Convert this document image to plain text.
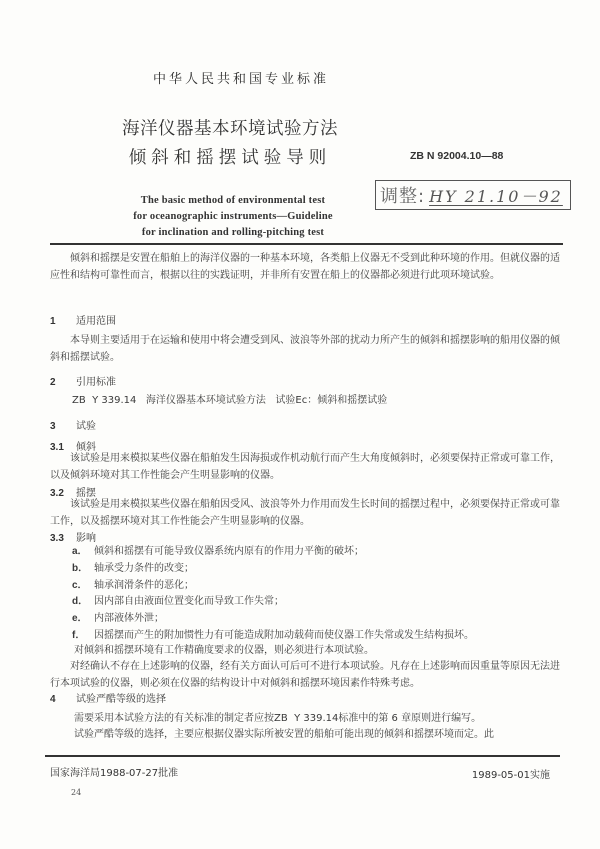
中华人民共和国专业标准
海洋仪器基本环境试验方法
倾斜和摇摆试验导则
The basic method of environmental test
for oceanographic instruments—Guideline
for inclination and rolling-pitching test
ZB N 92004.10—88
调整: HY 21.10－92
倾斜和摇摆是安置在船舶上的海洋仪器的一种基本环境，各类船上仪器无不受到此种环境的作用。但就仪器的适应性和结构可靠性而言，根据以往的实践证明，并非所有安置在船上的仪器都必须进行此项环境试验。
1 适用范围
本导则主要适用于在运输和使用中将会遭受到风、波浪等外部的扰动力所产生的倾斜和摇摆影响的船用仪器的倾斜和摇摆试验。
2 引用标准
ZB  Y 339.14   海洋仪器基本环境试验方法   试验Ec：倾斜和摇摆试验
3 试验
3.1 倾斜
该试验是用来模拟某些仪器在船舶发生因海损或作机动航行而产生大角度倾斜时，必须要保持正常或可靠工作，以及倾斜环境对其工作性能会产生明显影响的仪器。
3.2 摇摆
该试验是用来模拟某些仪器在船舶因受风、波浪等外力作用而发生长时间的摇摆过程中，必须要保持正常或可靠工作，以及摇摆环境对其工作性能会产生明显影响的仪器。
3.3 影响
a． 倾斜和摇摆有可能导致仪器系统内原有的作用力平衡的破坏；
b． 轴承受力条件的改变；
c． 轴承润滑条件的恶化；
d． 因内部自由液面位置变化而导致工作失常；
e． 内部液体外泄；
f． 因摇摆而产生的附加惯性力有可能造成附加动载荷而使仪器工作失常或发生结构损坏。
对倾斜和摇摆环境有工作精确度要求的仪器，则必须进行本项试验。
对经确认不存在上述影响的仪器，经有关方面认可后可不进行本项试验。凡存在上述影响而因重量等原因无法进行本项试验的仪器，则必须在仪器的结构设计中对倾斜和摇摆环境因素作特殊考虑。
4 试验严酷等级的选择
需要采用本试验方法的有关标准的制定者应按ZB  Y 339.14标准中的第 6 章原则进行编写。
试验严酷等级的选择，主要应根据仪器实际所被安置的船舶可能出现的倾斜和摇摆环境而定。此
国家海洋局1988-07-27批准	1989-05-01实施
24
